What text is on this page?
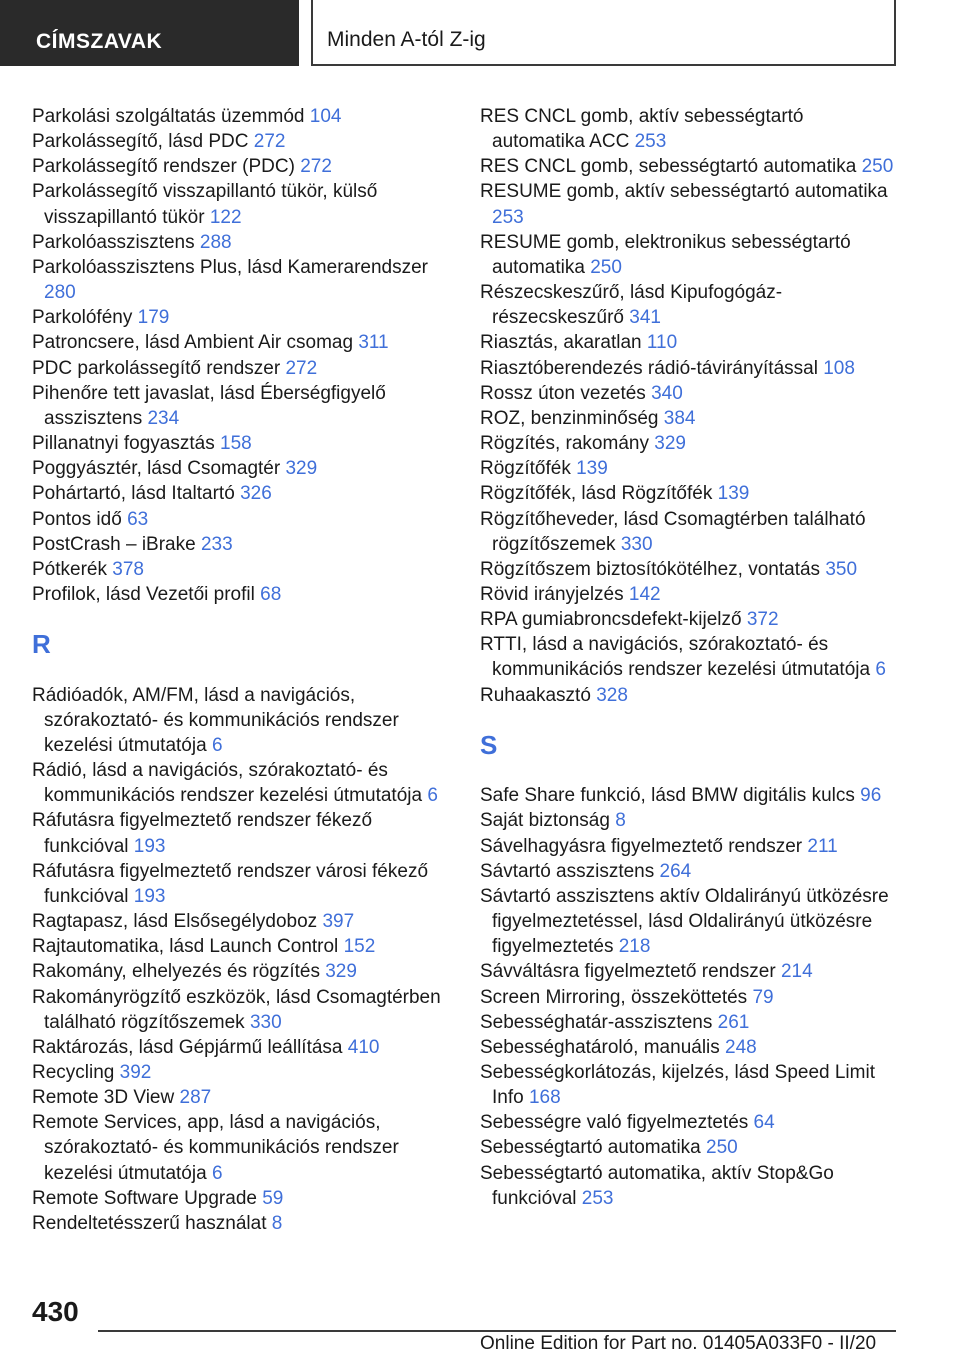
CÍMSZAVAK	Minden A-tól Z-ig
Parkolási szolgáltatás üzemmód 104
Parkolássegítő, lásd PDC 272
Parkolássegítő rendszer (PDC) 272
Parkolássegítő visszapillantó tükör, külső visszapillantó tükör 122
Parkolóasszisztens 288
Parkolóasszisztens Plus, lásd Kamerarendszer 280
Parkolófény 179
Patroncsere, lásd Ambient Air csomag 311
PDC parkolássegítő rendszer 272
Pihenőre tett javaslat, lásd Éberségfigyelő asszisztens 234
Pillanatnyi fogyasztás 158
Poggyásztér, lásd Csomagtér 329
Pohártartó, lásd Italtartó 326
Pontos idő 63
PostCrash – iBrake 233
Pótkerék 378
Profilok, lásd Vezetői profil 68
R
Rádióadók, AM/FM, lásd a navigációs, szórakoztató- és kommunikációs rendszer kezelési útmutatója 6
Rádió, lásd a navigációs, szórakoztató- és kommunikációs rendszer kezelési útmutatója 6
Ráfutásra figyelmeztető rendszer fékező funkcióval 193
Ráfutásra figyelmeztető rendszer városi fékező funkcióval 193
Ragtapasz, lásd Elsősegélydoboz 397
Rajtautomatika, lásd Launch Control 152
Rakomány, elhelyezés és rögzítés 329
Rakományrögzítő eszközök, lásd Csomagtérben található rögzítőszemek 330
Raktározás, lásd Gépjármű leállítása 410
Recycling 392
Remote 3D View 287
Remote Services, app, lásd a navigációs, szórakoztató- és kommunikációs rendszer kezelési útmutatója 6
Remote Software Upgrade 59
Rendeltetésszerű használat 8
RES CNCL gomb, aktív sebességtartó automatika ACC 253
RES CNCL gomb, sebességtartó automatika 250
RESUME gomb, aktív sebességtartó automatika 253
RESUME gomb, elektronikus sebességtartó automatika 250
Részecskeszűrő, lásd Kipufogógáz-részecskeszűrő 341
Riasztás, akaratlan 110
Riasztóberendezés rádió-távirányítással 108
Rossz úton vezetés 340
ROZ, benzinminőség 384
Rögzítés, rakomány 329
Rögzítőfék 139
Rögzítőfék, lásd Rögzítőfék 139
Rögzítőheveder, lásd Csomagtérben található rögzítőszemek 330
Rögzítőszem biztosítókötélhez, vontatás 350
Rövid irányjelzés 142
RPA gumiabroncsdefekt-kijelző 372
RTTI, lásd a navigációs, szórakoztató- és kommunikációs rendszer kezelési útmutatója 6
Ruhaakasztó 328
S
Safe Share funkció, lásd BMW digitális kulcs 96
Saját biztonság 8
Sávelhagyásra figyelmeztető rendszer 211
Sávtartó asszisztens 264
Sávtartó asszisztens aktív Oldalirányú ütközésre figyelmeztetéssel, lásd Oldalirányú ütközésre figyelmeztetés 218
Sávváltásra figyelmeztető rendszer 214
Screen Mirroring, összeköttetés 79
Sebességhatár-asszisztens 261
Sebességhatároló, manuális 248
Sebességkorlátozás, kijelzés, lásd Speed Limit Info 168
Sebességre való figyelmeztetés 64
Sebességtartó automatika 250
Sebességtartó automatika, aktív Stop&Go funkcióval 253
430
Online Edition for Part no. 01405A033F0 - II/20
